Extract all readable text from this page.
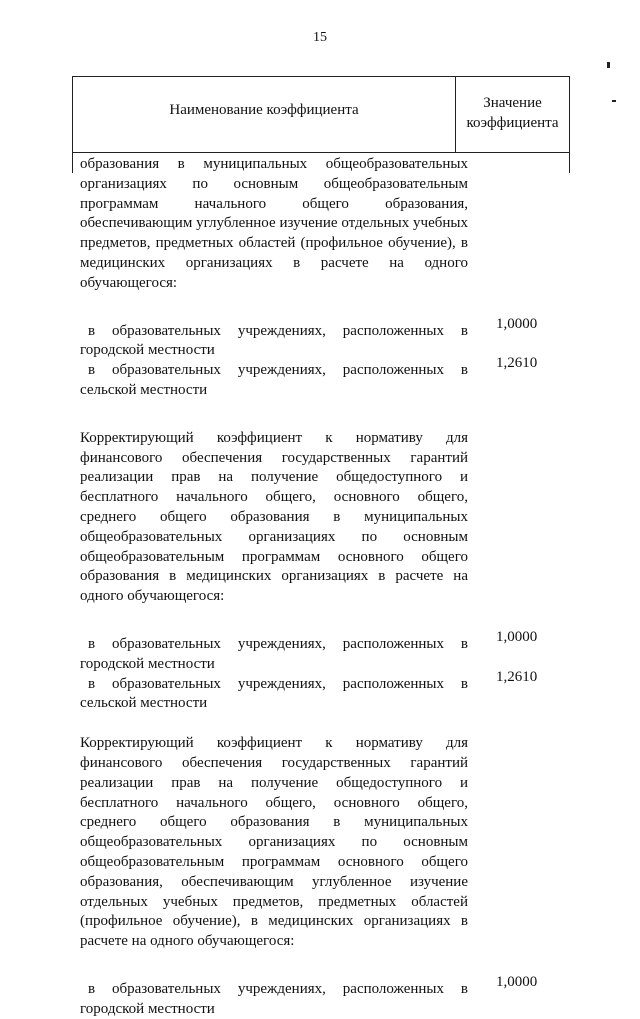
15
Наименование коэффициента	Значение
коэффициента

образования в муниципальных общеобразовательных организациях по основным общеобразовательным программам начального общего образования, обеспечивающим углубленное изучение отдельных учебных предметов, предметных областей (профильное обучение), в медицинских организациях в расчете на одного обучающегося:

в образовательных учреждениях, расположенных в городской местности

1,0000

в образовательных учреждениях, расположенных в сельской местности

1,2610

Корректирующий коэффициент к нормативу для финансового обеспечения государственных гарантий реализации прав на получение общедоступного и бесплатного начального общего, основного общего, среднего общего образования в муниципальных общеобразовательных организациях по основным общеобразовательным программам основного общего образования в медицинских организациях в расчете на одного обучающегося:

в образовательных учреждениях, расположенных в городской местности

1,0000

в образовательных учреждениях, расположенных в сельской местности

1,2610

Корректирующий коэффициент к нормативу для финансового обеспечения государственных гарантий реализации прав на получение общедоступного и бесплатного начального общего, основного общего, среднего общего образования в муниципальных общеобразовательных организациях по основным общеобразовательным программам основного общего образования, обеспечивающим углубленное изучение отдельных учебных предметов, предметных областей (профильное обучение), в медицинских организациях в расчете на одного обучающегося:

в образовательных учреждениях, расположенных в городской местности

1,0000
